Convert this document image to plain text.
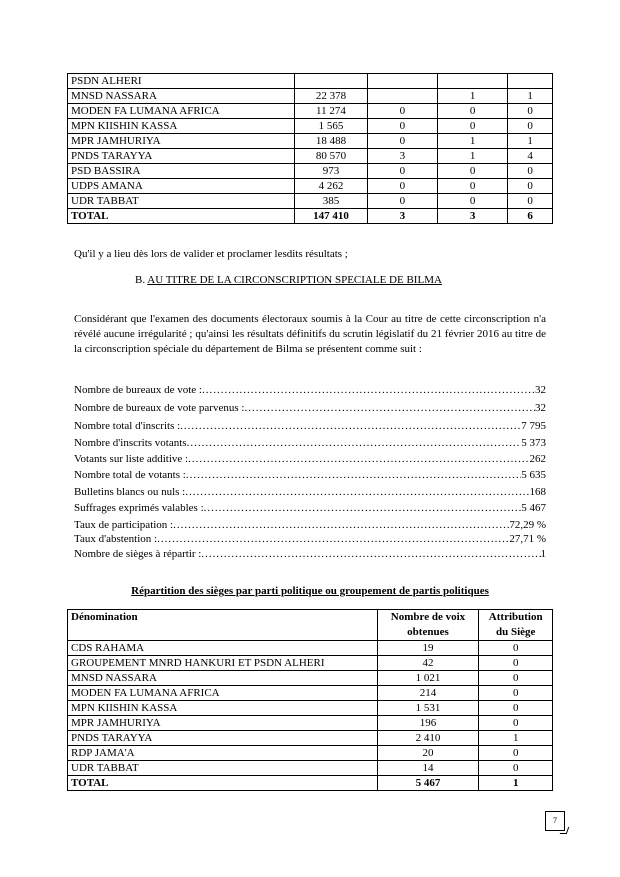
PSDN ALHERI				
MNSD NASSARA	22 378		1	1
MODEN FA LUMANA AFRICA	11 274	0	0	0
MPN KIISHIN KASSA	1 565	0	0	0
MPR JAMHURIYA	18 488	0	1	1
PNDS TARAYYA	80 570	3	1	4
PSD BASSIRA	973	0	0	0
UDPS AMANA	4 262	0	0	0
UDR TABBAT	385	0	0	0
TOTAL	147 410	3	3	6
Qu'il y a lieu dès lors de valider et proclamer lesdits résultats ;
B. AU TITRE DE LA CIRCONSCRIPTION SPECIALE DE BILMA
Considérant que l'examen des documents électoraux soumis à la Cour au titre de cette circonscription n'a révélé aucune irrégularité ; qu'ainsi les résultats définitifs du scrutin législatif du 21 février 2016 au titre de la circonscription spéciale du département de Bilma se présentent comme suit :
Nombre de bureaux de vote : .....	32
Nombre de bureaux de vote parvenus : .....	32
Nombre total d'inscrits : .....	7 795
Nombre d'inscrits votants .....	5 373
Votants sur liste additive : .....	262
Nombre total de votants : .....	5 635
Bulletins blancs ou nuls : .....	168
Suffrages exprimés valables : .....	5 467
Taux de participation : .....	72,29 %
Taux d'abstention : .....	27,71 %
Nombre de sièges à répartir : .....	1
Répartition des sièges par parti politique ou groupement de partis politiques
Dénomination	Nombre de voix obtenues	Attribution du Siège
CDS RAHAMA	19	0
GROUPEMENT MNRD HANKURI ET PSDN ALHERI	42	0
MNSD NASSARA	1 021	0
MODEN FA LUMANA AFRICA	214	0
MPN KIISHIN KASSA	1 531	0
MPR JAMHURIYA	196	0
PNDS TARAYYA	2 410	1
RDP JAMA'A	20	0
UDR TABBAT	14	0
TOTAL	5 467	1
7
